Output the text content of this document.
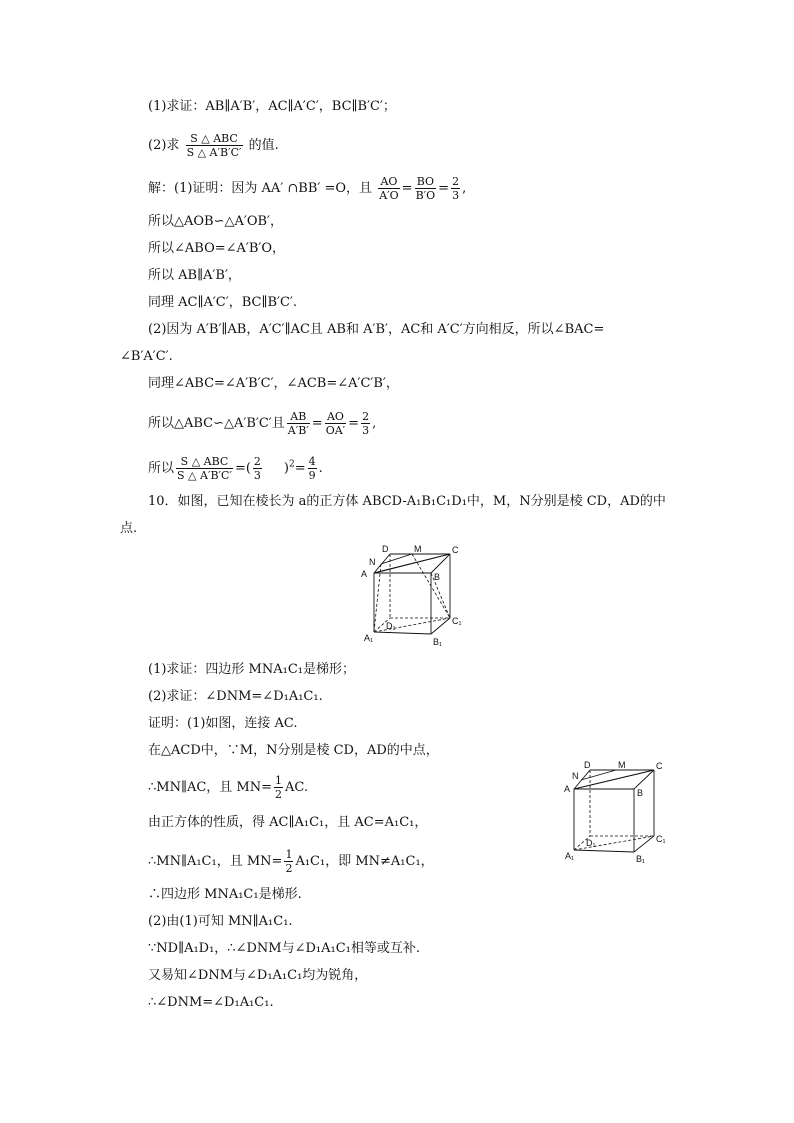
(1)求证：AB∥A′B′，AC∥A′C′，BC∥B′C′；
(2)求 $\frac{\text{S △ ABC}}{S \triangle A'B'C'}$ 的值.
解：(1)证明：因为 AA′ ∩BB′ =O，且 $\frac{AO}{A'O} = \frac{BO}{B'O} = \frac{2}{3}$ ,
所以△AOB∽△A′OB′，
所以∠ABO=∠A′B′O，
所以 AB∥A′B′，
同理 AC∥A′C′，BC∥B′C′.
(2)因为 A′B′∥AB，A′C′∥AC且 AB和 A′B′，AC和 A′C′方向相反，所以∠BAC=
∠B′A′C′.
同理∠ABC=∠A′B′C′，∠ACB=∠A′C′B′，
所以△ABC∽△A′B′C′且 $\frac{AB}{A'B'} = \frac{AO}{OA'} = \frac{2}{3}$ ,
所以 $\frac{\text{S △ ABC}}{S \triangle A'B'C'}$ =( $\frac{2}{3} )^2= \frac{4}{9}$ .
10．如图，已知在棱长为 a的正方体 ABCD-A₁B₁C₁D₁中，M，N分别是棱 CD，AD的中
点.
D	M	C
N
A	B
D₁	C₁
A₁	B₁
(1)求证：四边形 MNA₁C₁是梯形；
(2)求证：∠DNM=∠D₁A₁C₁.
证明：(1)如图，连接 AC.
在△ACD中，∵M，N分别是棱 CD，AD的中点，
∴MN∥AC，且 $MN= \frac{1}{2}$ AC.
由正方体的性质，得 AC∥A₁C₁，且 AC=A₁C₁，
∴MN∥A₁C₁，且 $MN= \frac{1}{2} A_1C_1$，即 MN≠A₁C₁，
∴四边形 MNA₁C₁是梯形.
(2)由(1)可知 MN∥A₁C₁.
∵ND∥A₁D₁，∴∠DNM与∠D₁A₁C₁相等或互补.
又易知∠DNM与∠D₁A₁C₁均为锐角，
∴∠DNM=∠D₁A₁C₁.
D	M	C
N
A	B
D₁	C₁
A₁	B₁
